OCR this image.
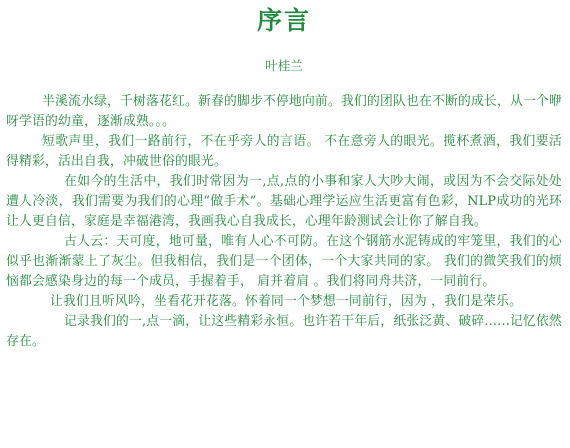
序言
叶桂兰

半溪流水绿，千树落花红。新春的脚步不停地向前。我们的团队也在不断的成长，从一个咿呀学语的幼童，逐渐成熟。。。

短歌声里，我们一路前行，不在乎旁人的言语。 不在意旁人的眼光。揽杯煮酒，我们要活得精彩，活出自我，冲破世俗的眼光。

在如今的生活中，我们时常因为一,点,点的小事和家人大吵大闹，或因为不会交际处处遭人冷淡，我们需要为我们的心理“做手术”。基础心理学运应生活更富有色彩，NLP成功的光环让人更自信，家庭是幸福港湾，我画我心自我成长，心理年龄测试会让你了解自我。

古人云：天可度，地可量，唯有人心不可防。在这个钢筋水泥铸成的牢笼里，我们的心似乎也渐渐蒙上了灰尘。但我相信，我们是一个团体，一个大家共同的家。 我们的微笑我们的烦恼都会感染身边的每一个成员，手握着手， 肩并着肩 。我们将同舟共济，一同前行。

让我们且听风吟，坐看花开花落。怀着同一个梦想一同前行，因为 ，我们是荣乐。

记录我们的一,点一滴，让这些精彩永恒。也许若干年后，纸张泛黄、破碎......记忆依然存在。
